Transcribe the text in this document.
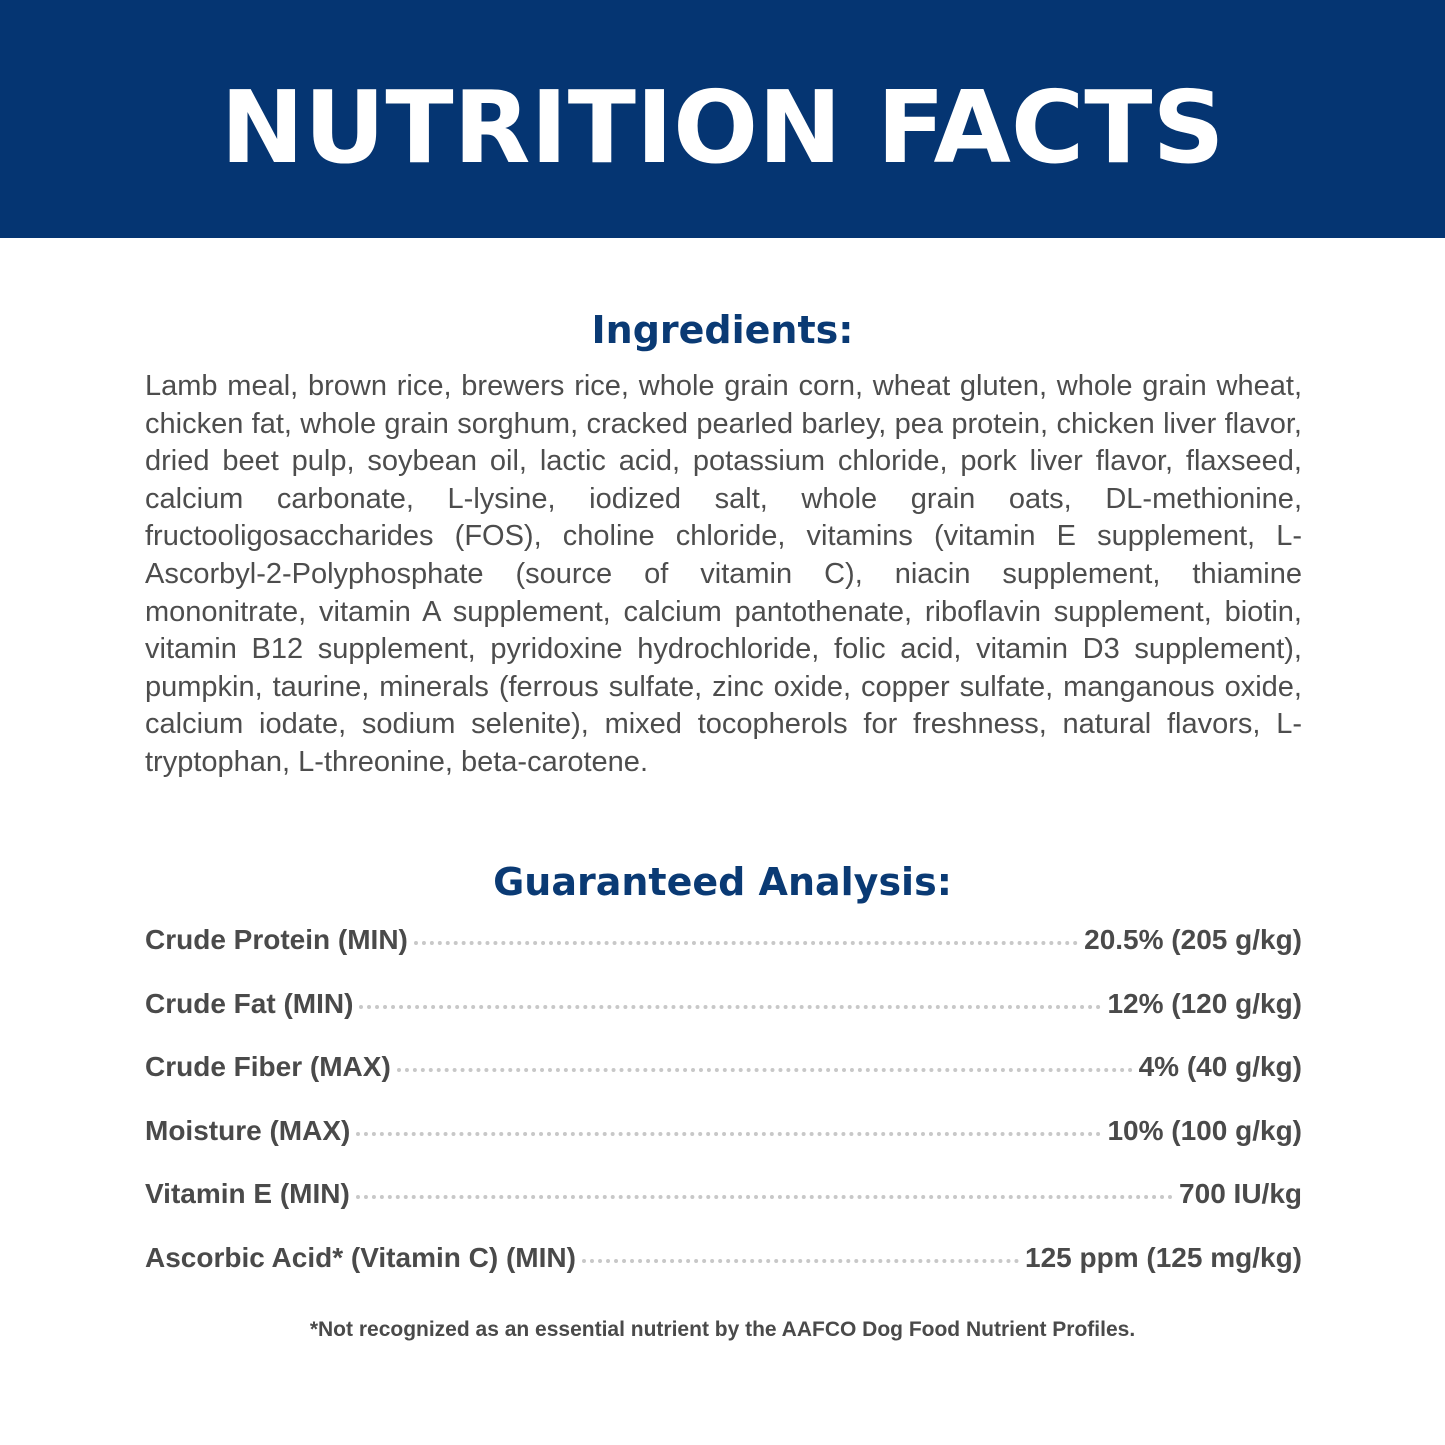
NUTRITION FACTS
Ingredients:
Lamb meal, brown rice, brewers rice, whole grain corn, wheat gluten, whole grain wheat, chicken fat, whole grain sorghum, cracked pearled barley, pea protein, chicken liver flavor, dried beet pulp, soybean oil, lactic acid, potassium chloride, pork liver flavor, flaxseed, calcium carbonate, L-lysine, iodized salt, whole grain oats, DL-methionine, fructooligosaccharides (FOS), choline chloride, vitamins (vitamin E supplement, L-Ascorbyl-2-Polyphosphate (source of vitamin C), niacin supplement, thiamine mononitrate, vitamin A supplement, calcium pantothenate, riboflavin supplement, biotin, vitamin B12 supplement, pyridoxine hydrochloride, folic acid, vitamin D3 supplement), pumpkin, taurine, minerals (ferrous sulfate, zinc oxide, copper sulfate, manganous oxide, calcium iodate, sodium selenite), mixed tocopherols for freshness, natural flavors, L-tryptophan, L-threonine, beta-carotene.
Guaranteed Analysis:
Crude Protein (MIN)	20.5% (205 g/kg)
Crude Fat (MIN)	12% (120 g/kg)
Crude Fiber (MAX)	4% (40 g/kg)
Moisture (MAX)	10% (100 g/kg)
Vitamin E (MIN)	700 IU/kg
Ascorbic Acid* (Vitamin C) (MIN)	125 ppm (125 mg/kg)
*Not recognized as an essential nutrient by the AAFCO Dog Food Nutrient Profiles.
